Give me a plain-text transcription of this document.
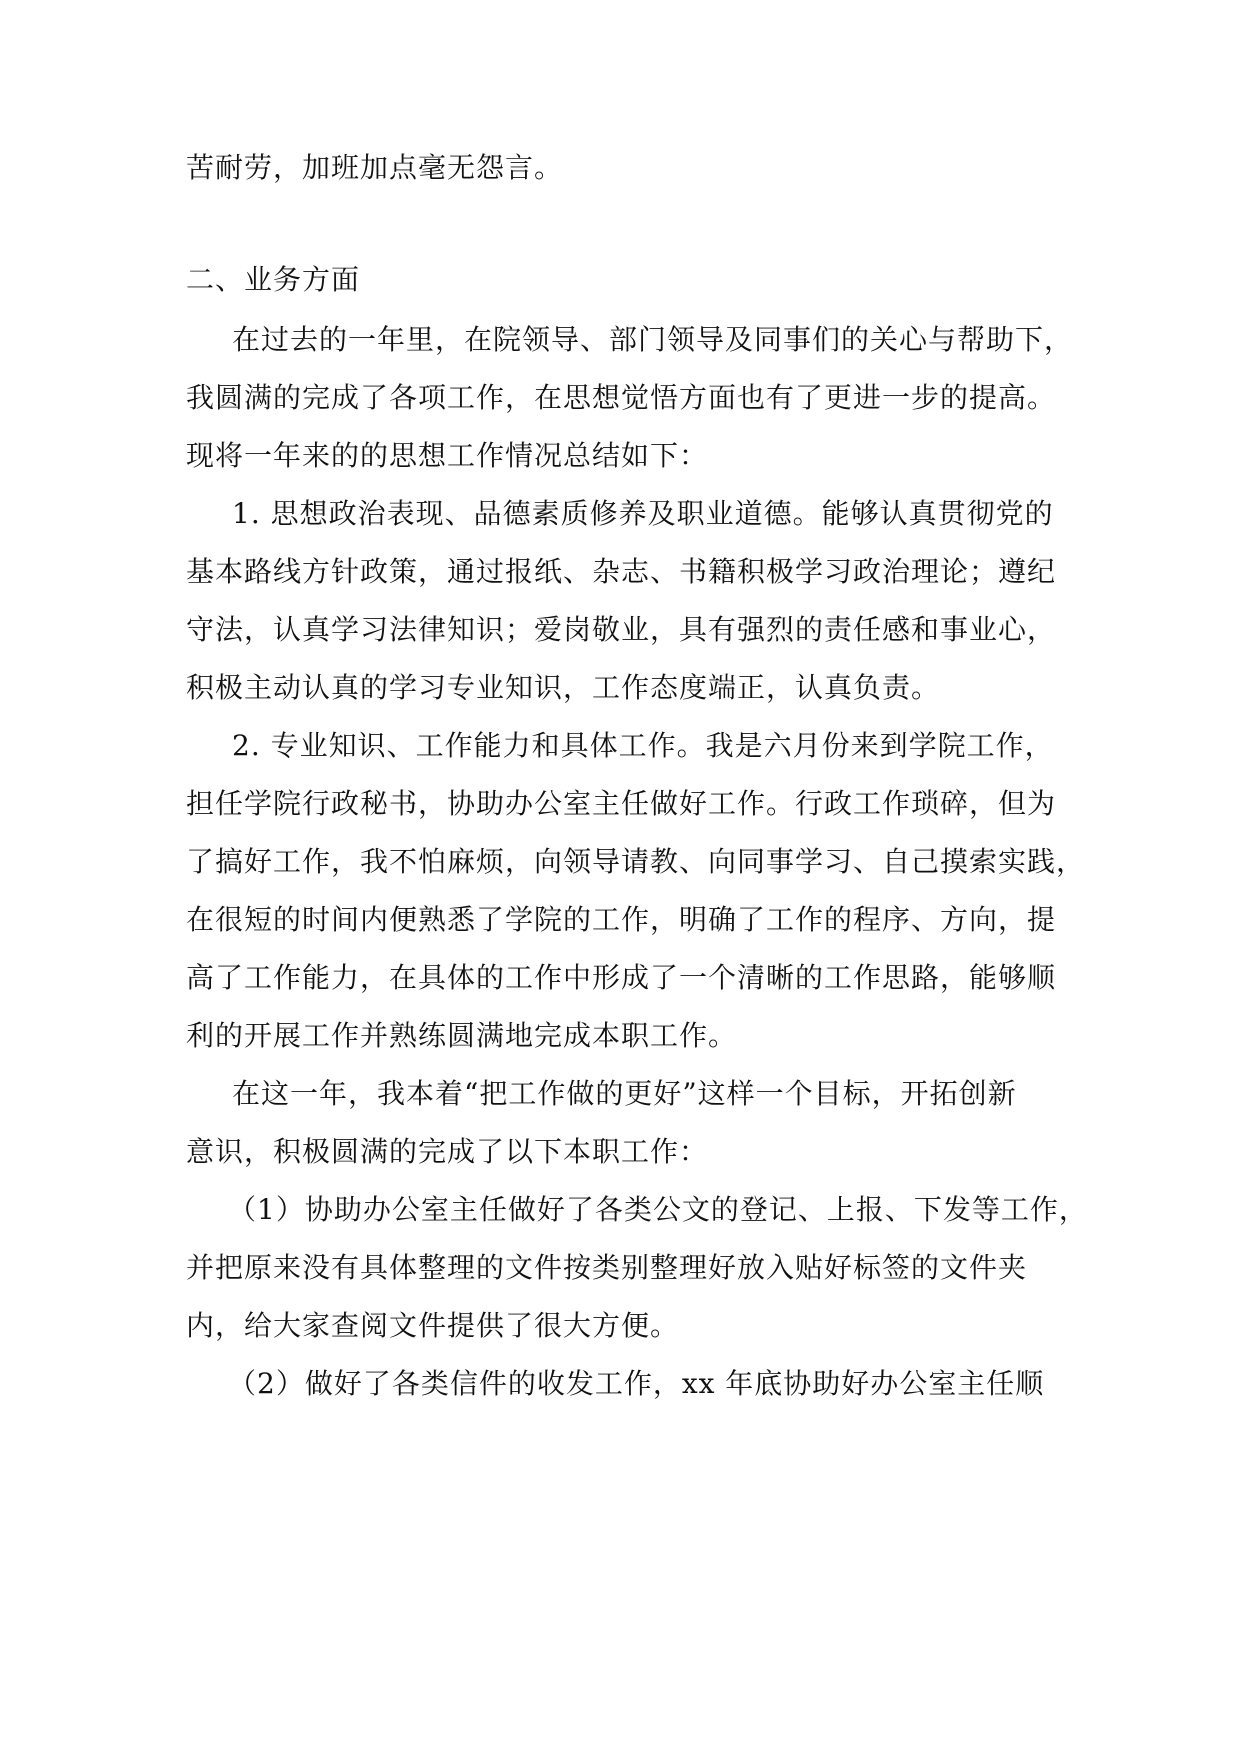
苦耐劳，加班加点毫无怨言。
二、业务方面
在过去的一年里，在院领导、部门领导及同事们的关心与帮助下，
我圆满的完成了各项工作，在思想觉悟方面也有了更进一步的提高。
现将一年来的的思想工作情况总结如下：
1. 思想政治表现、品德素质修养及职业道德。能够认真贯彻党的
基本路线方针政策，通过报纸、杂志、书籍积极学习政治理论；遵纪
守法，认真学习法律知识；爱岗敬业，具有强烈的责任感和事业心，
积极主动认真的学习专业知识，工作态度端正，认真负责。
2. 专业知识、工作能力和具体工作。我是六月份来到学院工作，
担任学院行政秘书，协助办公室主任做好工作。行政工作琐碎，但为
了搞好工作，我不怕麻烦，向领导请教、向同事学习、自己摸索实践，
在很短的时间内便熟悉了学院的工作，明确了工作的程序、方向，提
高了工作能力，在具体的工作中形成了一个清晰的工作思路，能够顺
利的开展工作并熟练圆满地完成本职工作。
在这一年，我本着“把工作做的更好”这样一个目标，开拓创新
意识，积极圆满的完成了以下本职工作：
（1）协助办公室主任做好了各类公文的登记、上报、下发等工作，
并把原来没有具体整理的文件按类别整理好放入贴好标签的文件夹
内，给大家查阅文件提供了很大方便。
（2）做好了各类信件的收发工作，xx 年底协助好办公室主任顺
